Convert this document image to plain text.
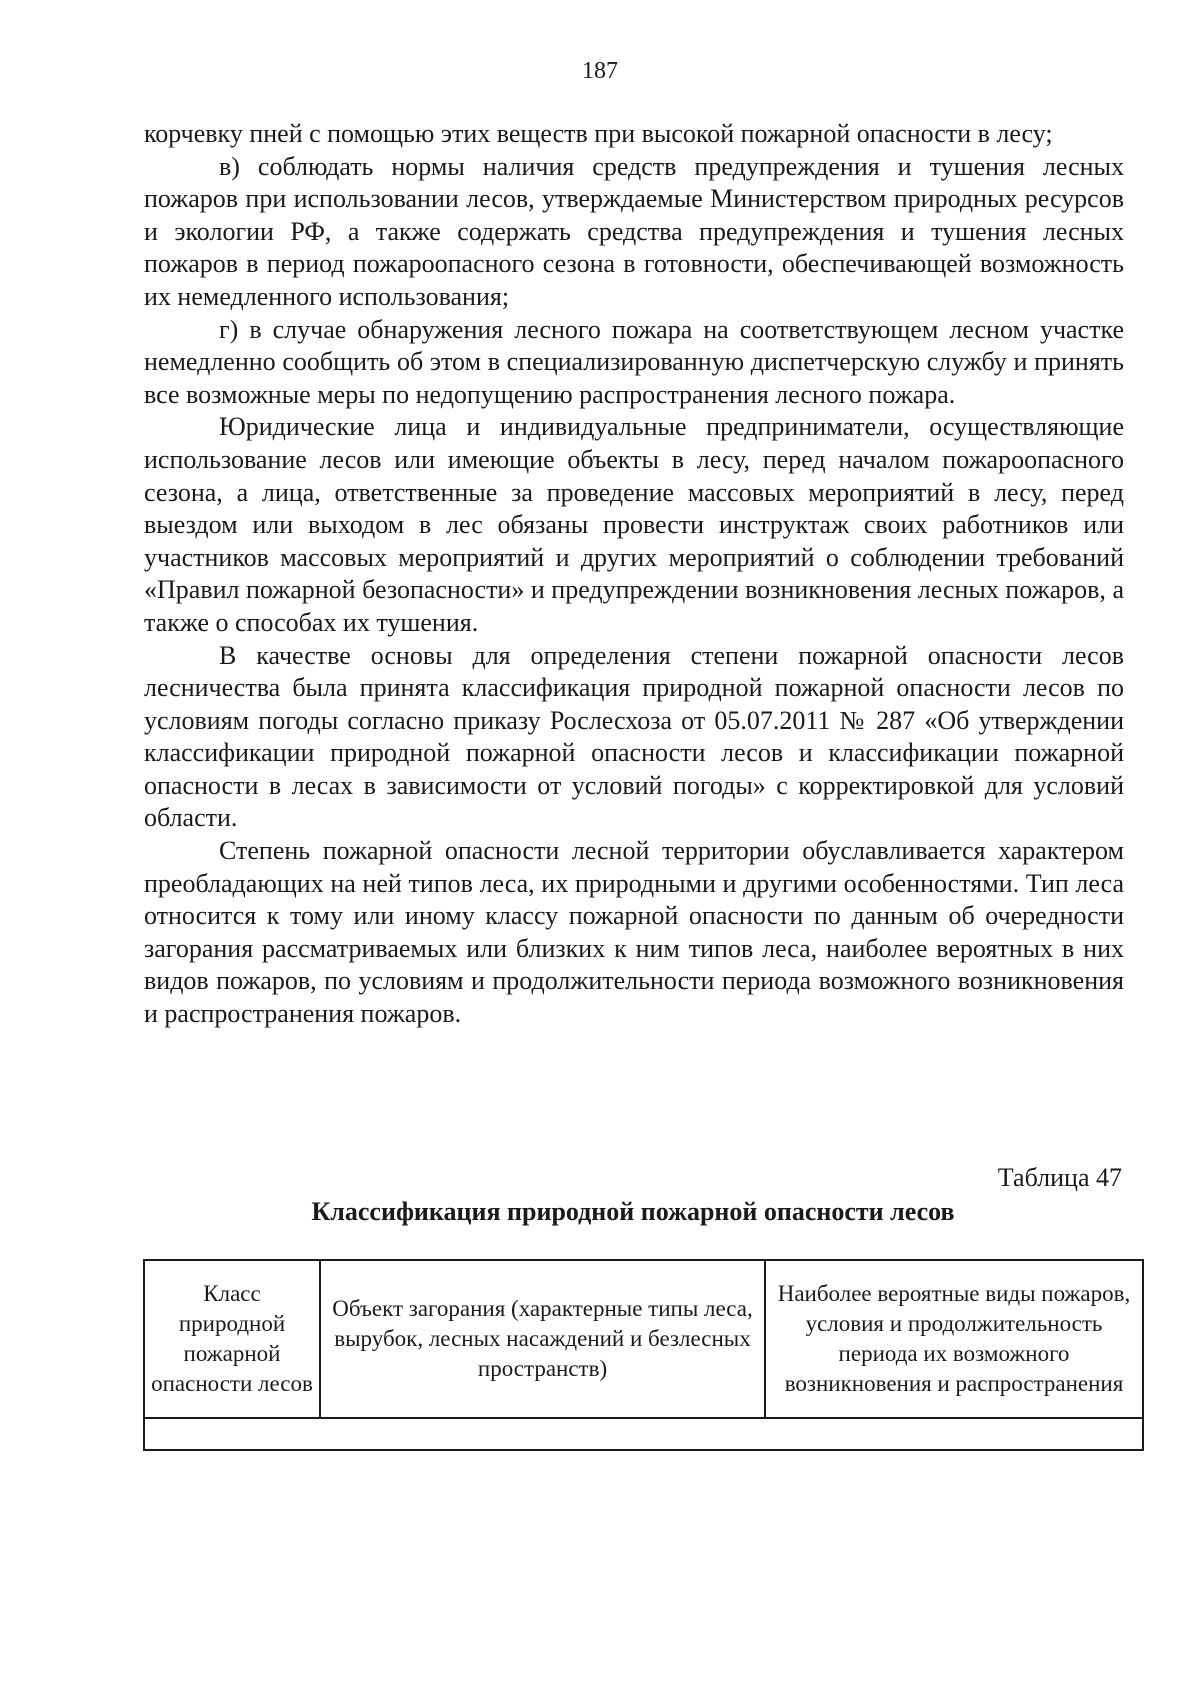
187

корчевку пней с помощью этих веществ при высокой пожарной опасности в лесу;

в) соблюдать нормы наличия средств предупреждения и тушения лесных пожаров при использовании лесов, утверждаемые Министерством природных ресурсов и экологии РФ, а также содержать средства предупреждения и тушения лесных пожаров в период пожароопасного сезона в готовности, обеспечивающей возможность их немедленного использования;

г) в случае обнаружения лесного пожара на соответствующем лесном участке немедленно сообщить об этом в специализированную диспетчерскую службу и принять все возможные меры по недопущению распространения лесного пожара.

Юридические лица и индивидуальные предприниматели, осуществляющие использование лесов или имеющие объекты в лесу, перед началом пожароопасного сезона, а лица, ответственные за проведение массовых мероприятий в лесу, перед выездом или выходом в лес обязаны провести инструктаж своих работников или участников массовых мероприятий и других мероприятий о соблюдении требований «Правил пожарной безопасности» и предупреждении возникновения лесных пожаров, а также о способах их тушения.

В качестве основы для определения степени пожарной опасности лесов лесничества была принята классификация природной пожарной опасности лесов по условиям погоды согласно приказу Рослесхоза от 05.07.2011 № 287 «Об утверждении классификации природной пожарной опасности лесов и классификации пожарной опасности в лесах в зависимости от условий погоды» с корректировкой для условий области.

Степень пожарной опасности лесной территории обуславливается характером преобладающих на ней типов леса, их природными и другими особенностями. Тип леса относится к тому или иному классу пожарной опасности по данным об очередности загорания рассматриваемых или близких к ним типов леса, наиболее вероятных в них видов пожаров, по условиям и продолжительности периода возможного возникновения и распространения пожаров.

Таблица 47
Классификация природной пожарной опасности лесов
Класс природной пожарной опасности лесов	Объект загорания (характерные типы леса, вырубок, лесных насаждений и безлесных пространств)	Наиболее вероятные виды пожаров, условия и продолжительность периода их возможного возникновения и распространения
